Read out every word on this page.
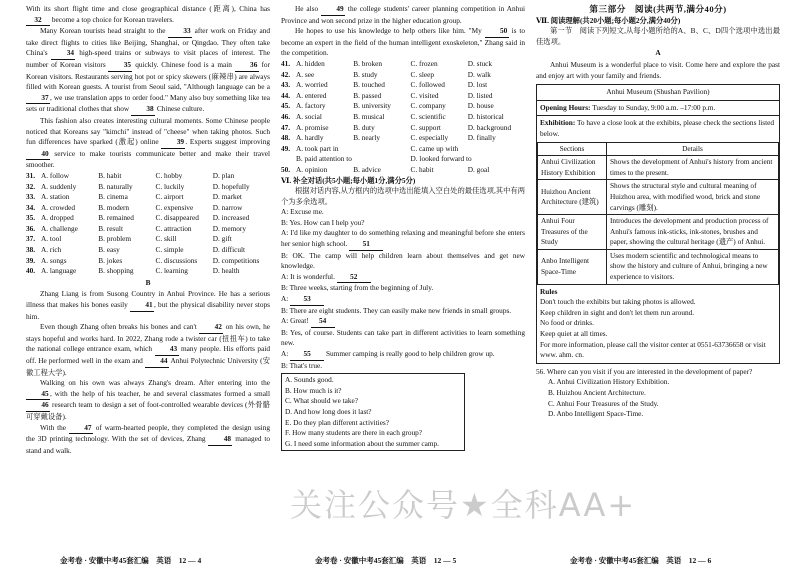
With its short flight time and close geographical distance (距离), China has 32 become a top choice for Korean travelers.

Many Korean tourists head straight to the 33 after work on Friday and take direct flights to cities like Beijing, Shanghai, or Qingdao. They often take China's	34 high-speed trains or subways to visit places of interest. The number of Korean visitors 35 quickly. Chinese food is a main 36 for Korean visitors. Restaurants serving hot pot or spicy skewers (麻辣串) are always filled with Korean guests. A tourist from Seoul said, "Although language can be a 37, we use translation apps to order food." Many also buy something like tea sets or traditional clothes that show 38 Chinese culture.

This fashion also creates interesting cultural moments. Some Chinese people noticed that Koreans say "kimchi" instead of "cheese" when taking photos. Such fun differences have sparked (激起) online 39. Experts suggest improving 40 service to make tourists communicate better and make their travel smoother.

31. A. follow	B. habit	C. hobby	D. plan
32. A. suddenly	B. naturally	C. luckily	D. hopefully
33. A. station	B. cinema	C. airport	D. market
34. A. crowded	B. modern	C. expensive	D. narrow
35. A. dropped	B. remained	C. disappeared	D. increased
36. A. challenge	B. result	C. attraction	D. memory
37. A. tool	B. problem	C. skill	D. gift
38. A. rich	B. easy	C. simple	D. difficult
39. A. songs	B. jokes	C. discussions	D. competitions
40. A. language	B. shopping	C. learning	D. health
B

Zhang Liang is from Susong Country in Anhui Province. He has a serious illness that makes his bones easily 41, but the physical disability never stops him.

Even though Zhang often breaks his bones and can't 42 on his own, he stays hopeful and works hard. In 2022, Zhang rode a twister car (扭扭车) to take the national college entrance exam, which 43 many people. His efforts paid off. He performed well in the exam and 44 Anhui Polytechnic University (安徽工程大学).

Walking on his own was always Zhang's dream. After entering into the 45, with the help of his teacher, he and several classmates formed a small 46 research team to design a set of foot-controlled wearable devices (外骨骼可穿戴设备).

With the 47 of warm-hearted people, they completed the design using the 3D printing technology. With the set of devices, Zhang 48 managed to stand and walk.

He also 49 the college students' career planning competition in Anhui Province and won second prize in the higher education group.

He hopes to use his knowledge to help others like him. "My	50 is to become an expert in the field of the human intelligent exoskeleton," Zhang said in the competition.

41. A. hidden	B. broken	C. frozen	D. stuck
42. A. see	B. study	C. sleep	D. walk
43. A. worried	B. touched	C. followed	D. lost
44. A. entered	B. passed	C. visited	D. listed
45. A. factory	B. university	C. company	D. house
46. A. social	B. musical	C. scientific	D. historical
47. A. promise	B. duty	C. support	D. background
48. A. hardly	B. nearly	C. especially	D. finally
49. A. took part in	C. came up with
B. paid attention to	D. looked forward to
50. A. opinion	B. advice	C. habit	D. goal
Ⅵ. 补全对话(共5小题;每小题1分,满分5分)

根据对话内容,从方框内的选项中选出能填入空白处的最佳选项,其中有两个为多余选项。

A: Excuse me.

B: Yes. How can I help you?

A: I'd like my daughter to do something relaxing and meaningful before she enters her senior high school. 51

B: OK. The camp will help children learn about themselves and get new knowledge.

A: It is wonderful. 52

B: Three weeks, starting from the beginning of July.

A: 53

B: There are eight students. They can easily make new friends in small groups.

A: Great! 54

B: Yes, of course. Students can take part in different activities to learn something new.

A: 55 Summer camping is really good to help children grow up.

B: That's true.

A. Sounds good.
B. How much is it?
C. What should we take?
D. And how long does it last?
E. Do they plan different activities?
F. How many students are there in each group?
G. I need some information about the summer camp.
第三部分　阅读(共两节,满分40分)
Ⅶ. 阅读理解(共20小题;每小题2分,满分40分)

第一节　阅读下列短文,从每小题所给的A、B、C、D四个选项中选出最佳选项。

A

Anhui Museum is a wonderful place to visit. Come here and explore the past and enjoy art with your family and friends.

Anhui Museum (Shushan Pavilion)
Opening Hours: Tuesday to Sunday, 9:00 a.m. –17:00 p.m.
Exhibition: To have a close look at the exhibits, please check the sections listed below.
Sections	Details
Anhui Civilization History Exhibition	Shows the development of Anhui's history from ancient times to the present.
Huizhou Ancient Architecture (建筑)	Shows the structural style and cultural meaning of Huizhou area, with modified wood, brick and stone carvings (雕刻).
Anhui Four Treasures of the Study	Introduces the development and production process of Anhui's famous ink-sticks, ink-stones, brushes and paper, showing the cultural heritage (遗产) of Anhui.
Anbo Intelligent Space-Time	Uses modern scientific and technological means to show the history and culture of Anhui, bringing a new experience to visitors.
Rules
Don't touch the exhibits but taking photos is allowed.
Keep children in sight and don't let them run around.
No food or drinks.
Keep quiet at all times.
For more information, please call the visitor center at 0551-63736658 or visit www. ahm. cn.

56. Where can you visit if you are interested in the development of paper?

A. Anhui Civilization History Exhibition.
B. Huizhou Ancient Architecture.
C. Anhui Four Treasures of the Study.
D. Anbo Intelligent Space-Time.
金考卷 · 安徽中考45套汇编　英语　12 — 4	金考卷 · 安徽中考45套汇编　英语　12 — 5	金考卷 · 安徽中考45套汇编　英语　12 — 6
关注公众号★全科AA+
